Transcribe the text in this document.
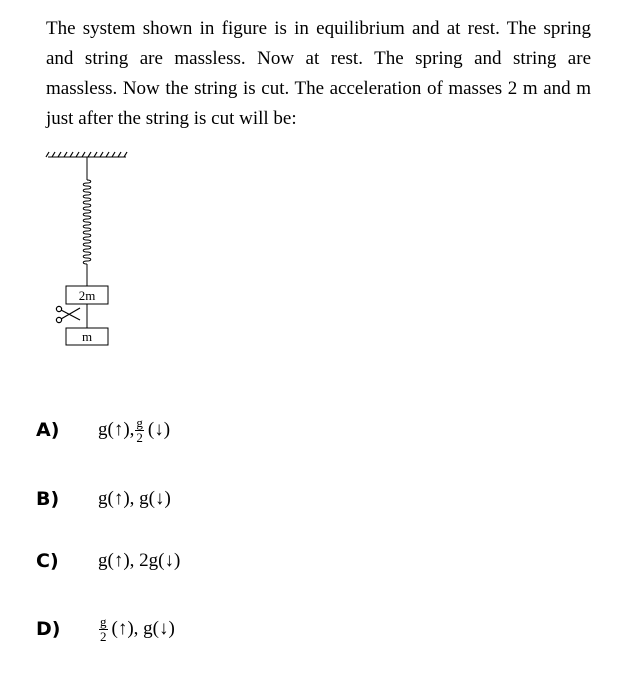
The system shown in figure is in equilibrium and at rest. The spring and string are massless. Now at rest. The spring and string are massless. Now the string is cut. The acceleration of masses 2 m and m just after the string is cut will be:

2m
m
A)	g(↑), $\frac{g}{2}$ (↓)
B)	g(↑), g(↓)
C)	g(↑), 2g(↓)
D)	$\frac{g}{2}$ (↑), g(↓)
